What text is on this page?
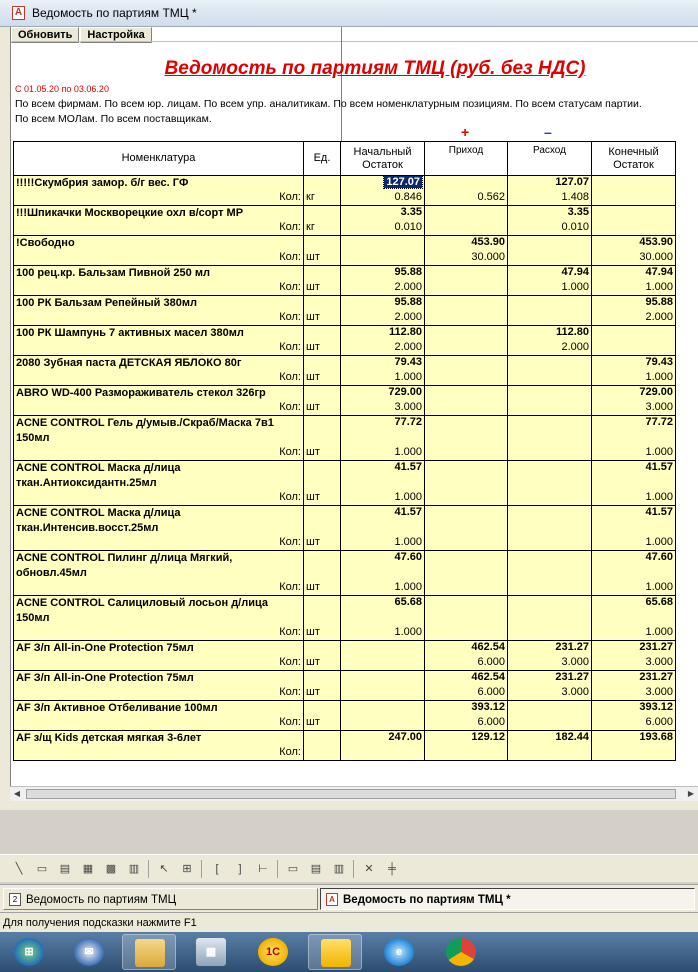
A Ведомость по партиям ТМЦ *
Обновить	Настройка
Ведомость по партиям ТМЦ (руб. без НДС)
С 01.05.20 по 03.06.20
По всем фирмам. По всем юр. лицам. По всем упр. аналитикам. По всем номенклатурным позициям. По всем статусам партии. По всем МОЛам. По всем поставщикам.
+	–
Номенклатура	Ед.	Начальный Остаток	Приход	Расход	Конечный Остаток
!!!!!Скумбрия замор. б/г вес. ГФ		127.07		127.07	
Кол:	кг	0.846	0.562	1.408	
!!!Шпикачки Москворецкие охл в/сорт МР		3.35		3.35	
Кол:	кг	0.010		0.010	
!Свободно			453.90		453.90
Кол:	шт		30.000		30.000
100 рец.кр. Бальзам Пивной 250 мл		95.88		47.94	47.94
Кол:	шт	2.000		1.000	1.000
100 РК Бальзам Репейный 380мл		95.88			95.88
Кол:	шт	2.000			2.000
100 РК Шампунь 7 активных масел 380мл		112.80		112.80	
Кол:	шт	2.000		2.000	
2080 Зубная паста ДЕТСКАЯ ЯБЛОКО 80г		79.43			79.43
Кол:	шт	1.000			1.000
ABRO WD-400 Размораживатель стекол 326гр		729.00			729.00
Кол:	шт	3.000			3.000
ACNE CONTROL Гель д/умыв./Скраб/Маска 7в1 150мл		77.72			77.72
Кол:	шт	1.000			1.000
ACNE CONTROL Маска д/лица ткан.Антиоксидантн.25мл		41.57			41.57
Кол:	шт	1.000			1.000
ACNE CONTROL Маска д/лица ткан.Интенсив.восст.25мл		41.57			41.57
Кол:	шт	1.000			1.000
ACNE CONTROL Пилинг д/лица Мягкий, обновл.45мл		47.60			47.60
Кол:	шт	1.000			1.000
ACNE CONTROL Салициловый лосьон д/лица 150мл		65.68			65.68
Кол:	шт	1.000			1.000
AF З/п All-in-One Protection 75мл			462.54	231.27	231.27
Кол:	шт		6.000	3.000	3.000
AF З/п All-in-One Protection 75мл			462.54	231.27	231.27
Кол:	шт		6.000	3.000	3.000
AF З/п Активное Отбеливание 100мл			393.12		393.12
Кол:	шт		6.000		6.000
AF з/щ Kids детская мягкая 3-6лет		247.00	129.12	182.44	193.68
Кол:					
◀	▶
╲	▭	▤	▦	▩	▥	↖	⊞	[	]	⊢	▭	▤	▥	✕	╪
2 Ведомость по партиям ТМЦ	A Ведомость по партиям ТМЦ *
Для получения подсказки нажмите F1
⊞	✉	▦	1С	e
